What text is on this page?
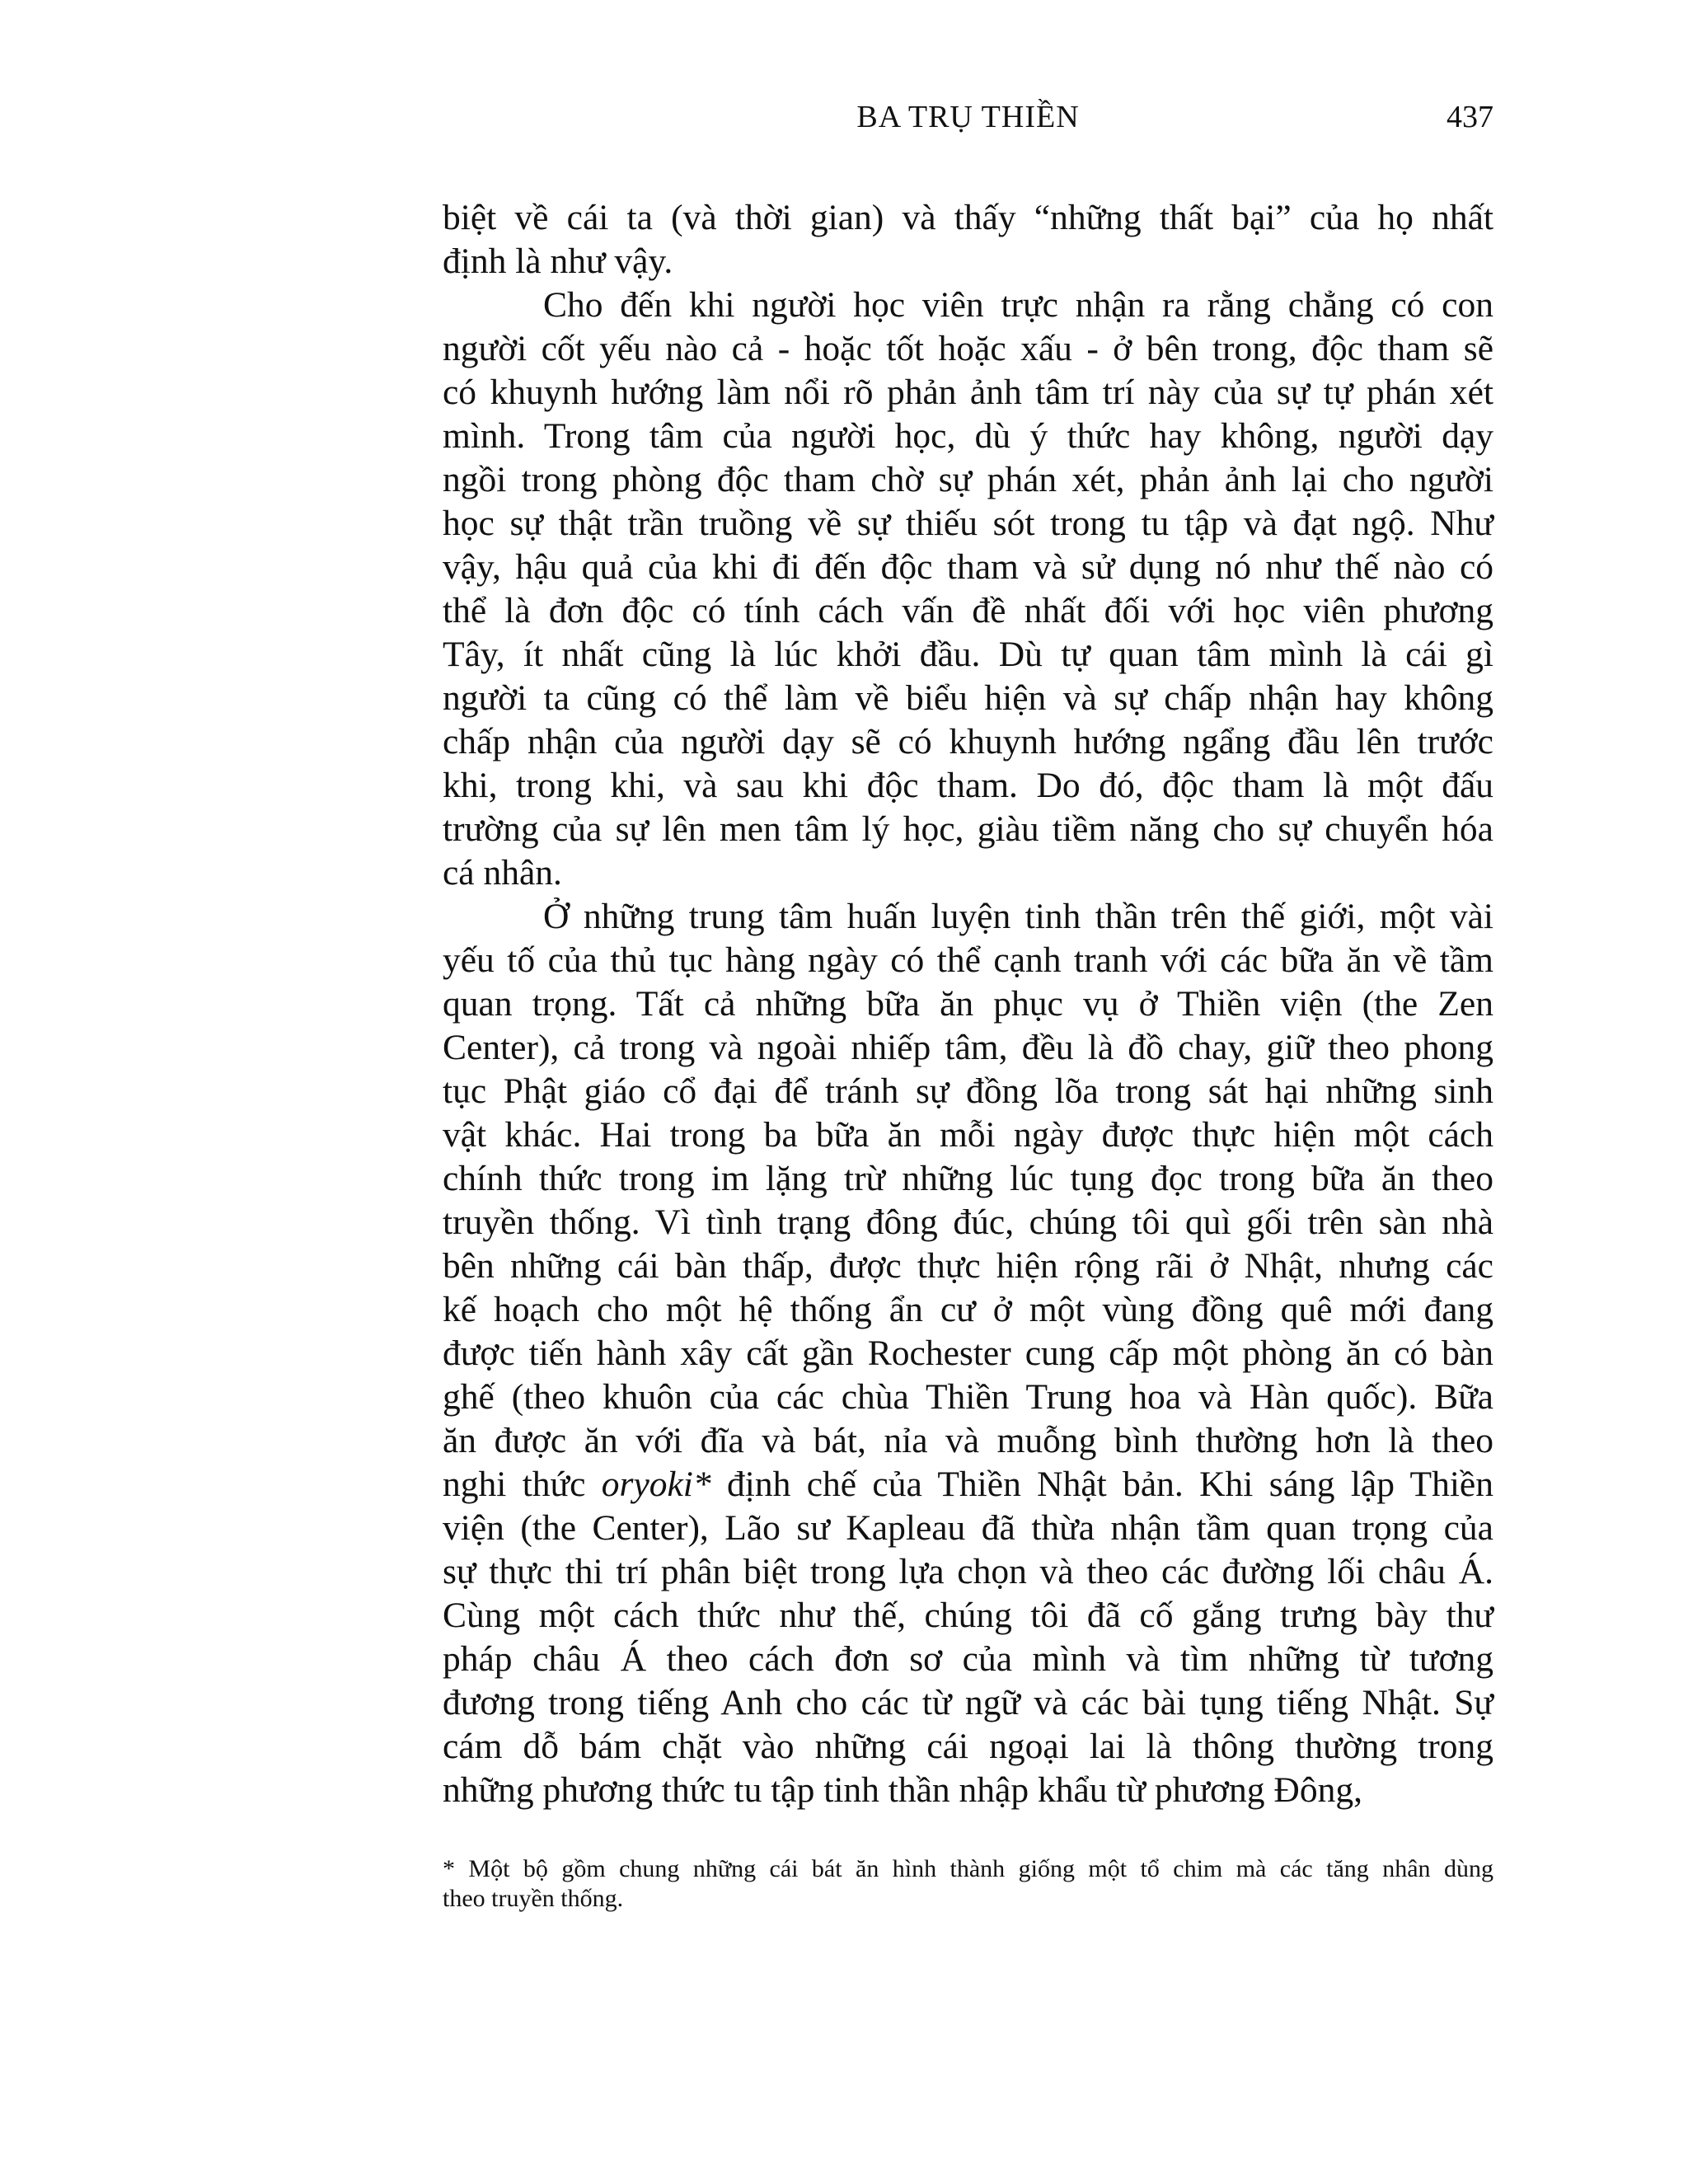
BA TRỤ THIỀN	437
biệt về cái ta (và thời gian) và thấy “những thất bại” của họ nhất
định là như vậy.
Cho đến khi người học viên trực nhận ra rằng chẳng có con
người cốt yếu nào cả - hoặc tốt hoặc xấu - ở bên trong, độc tham sẽ
có khuynh hướng làm nổi rõ phản ảnh tâm trí này của sự tự phán xét
mình. Trong tâm của người học, dù ý thức hay không, người dạy
ngồi trong phòng độc tham chờ sự phán xét, phản ảnh lại cho người
học sự thật trần truồng về sự thiếu sót trong tu tập và đạt ngộ. Như
vậy, hậu quả của khi đi đến độc tham và sử dụng nó như thế nào có
thể là đơn độc có tính cách vấn đề nhất đối với học viên phương
Tây, ít nhất cũng là lúc khởi đầu. Dù tự quan tâm mình là cái gì
người ta cũng có thể làm về biểu hiện và sự chấp nhận hay không
chấp nhận của người dạy sẽ có khuynh hướng ngẩng đầu lên trước
khi, trong khi, và sau khi độc tham. Do đó, độc tham là một đấu
trường của sự lên men tâm lý học, giàu tiềm năng cho sự chuyển hóa
cá nhân.
Ở những trung tâm huấn luyện tinh thần trên thế giới, một vài
yếu tố của thủ tục hàng ngày có thể cạnh tranh với các bữa ăn về tầm
quan trọng. Tất cả những bữa ăn phục vụ ở Thiền viện (the Zen
Center), cả trong và ngoài nhiếp tâm, đều là đồ chay, giữ theo phong
tục Phật giáo cổ đại để tránh sự đồng lõa trong sát hại những sinh
vật khác. Hai trong ba bữa ăn mỗi ngày được thực hiện một cách
chính thức trong im lặng trừ những lúc tụng đọc trong bữa ăn theo
truyền thống. Vì tình trạng đông đúc, chúng tôi quì gối trên sàn nhà
bên những cái bàn thấp, được thực hiện rộng rãi ở Nhật, nhưng các
kế hoạch cho một hệ thống ẩn cư ở một vùng đồng quê mới đang
được tiến hành xây cất gần Rochester cung cấp một phòng ăn có bàn
ghế (theo khuôn của các chùa Thiền Trung hoa và Hàn quốc). Bữa
ăn được ăn với đĩa và bát, nỉa và muỗng bình thường hơn là theo
nghi thức oryoki* định chế của Thiền Nhật bản. Khi sáng lập Thiền
viện (the Center), Lão sư Kapleau đã thừa nhận tầm quan trọng của
sự thực thi trí phân biệt trong lựa chọn và theo các đường lối châu Á.
Cùng một cách thức như thế, chúng tôi đã cố gắng trưng bày thư
pháp châu Á theo cách đơn sơ của mình và tìm những từ tương
đương trong tiếng Anh cho các từ ngữ và các bài tụng tiếng Nhật. Sự
cám dỗ bám chặt vào những cái ngoại lai là thông thường trong
những phương thức tu tập tinh thần nhập khẩu từ phương Đông,
* Một bộ gồm chung những cái bát ăn hình thành giống một tổ chim mà các tăng nhân dùng
theo truyền thống.
